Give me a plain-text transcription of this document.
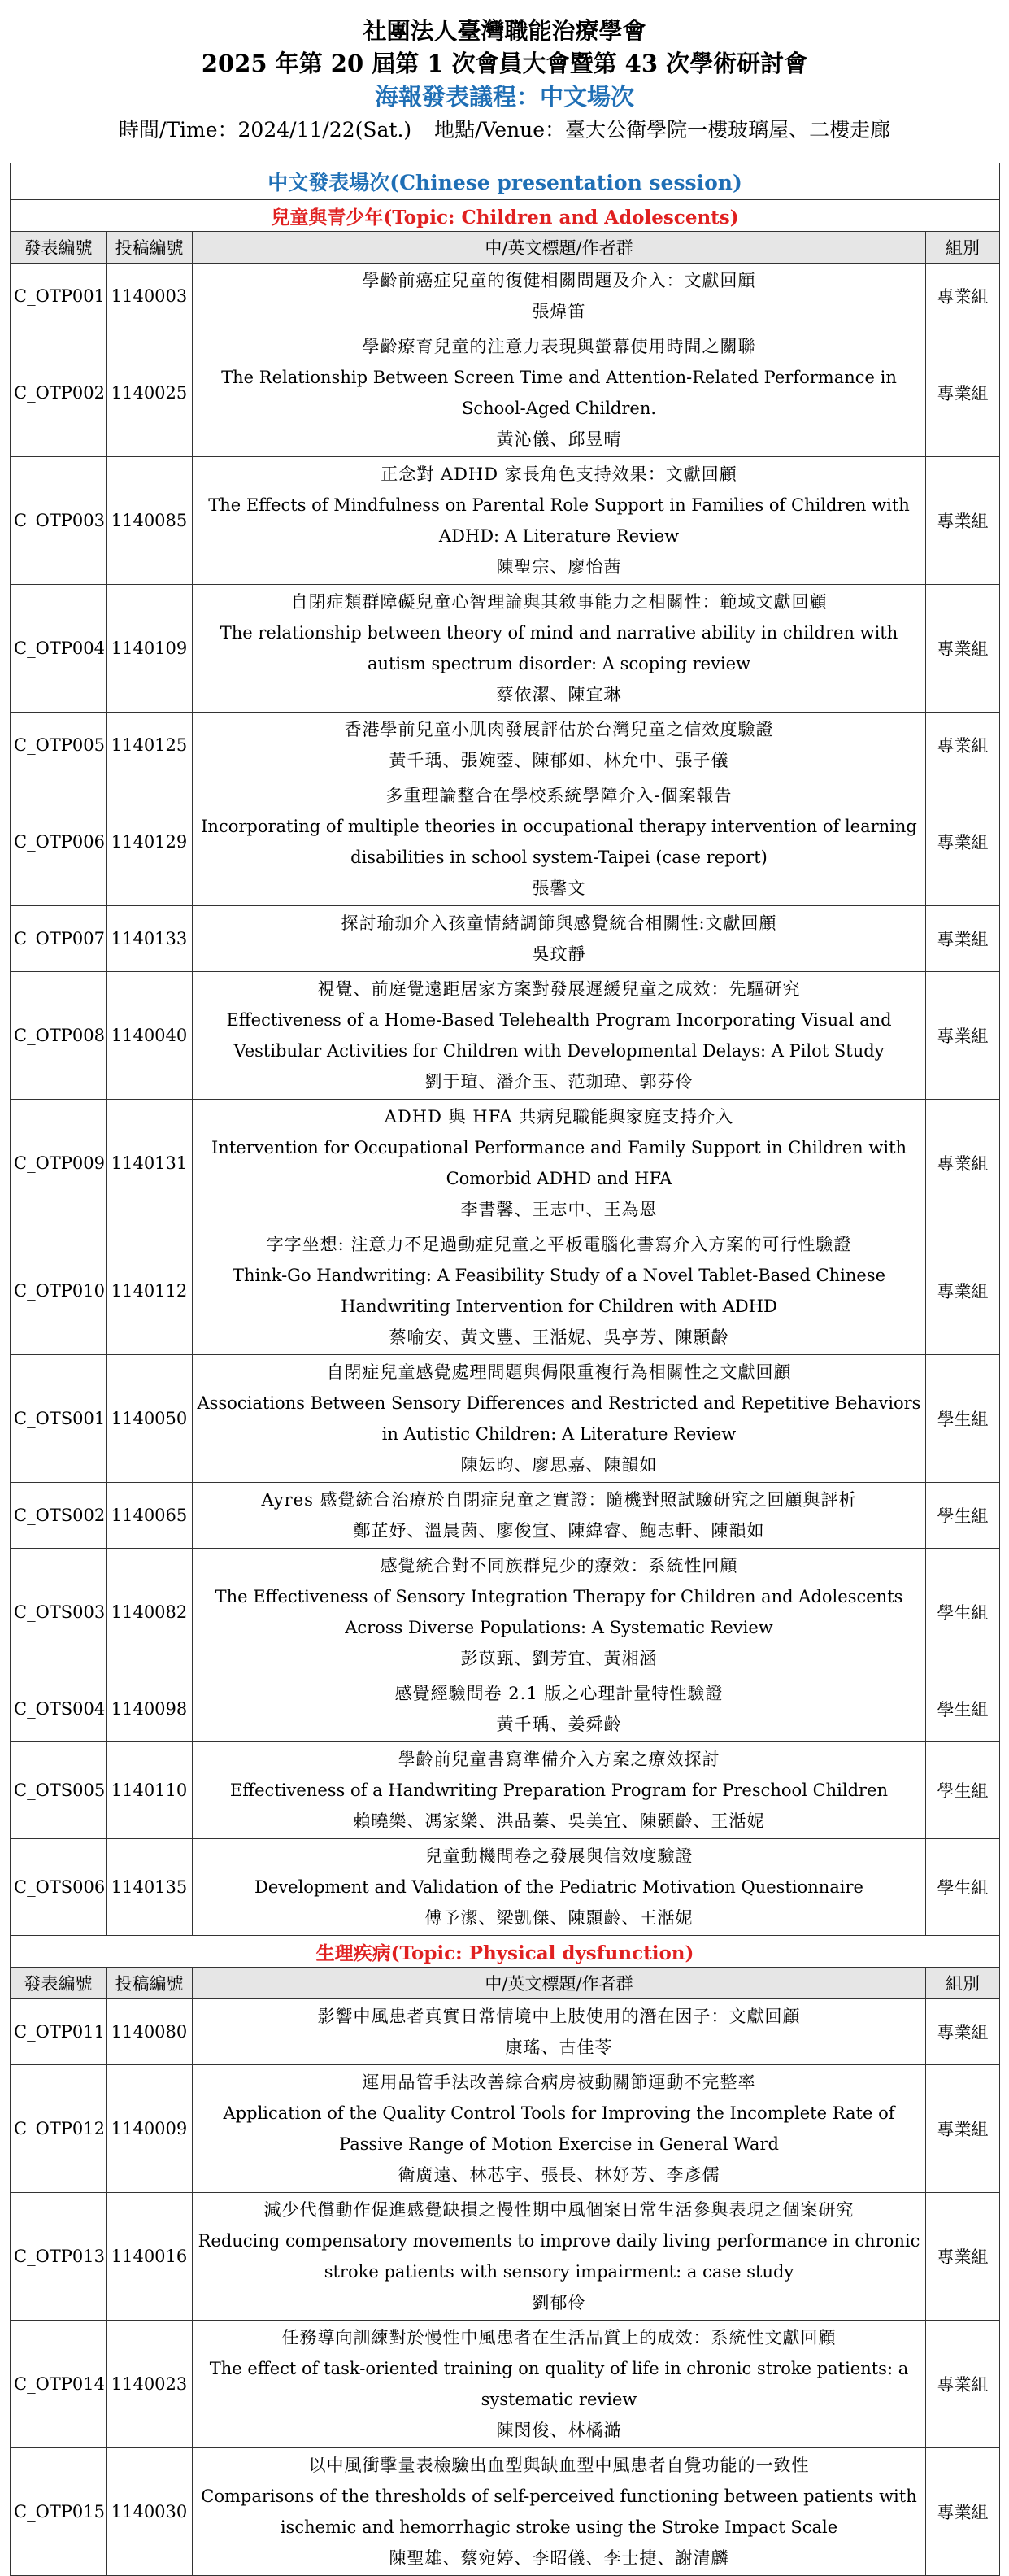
社團法人臺灣職能治療學會
2025 年第 20 屆第 1 次會員大會暨第 43 次學術研討會
海報發表議程：中文場次
時間/Time：2024/11/22(Sat.) 地點/Venue：臺大公衛學院一樓玻璃屋、二樓走廊
中文發表場次(Chinese presentation session)			
兒童與青少年(Topic: Children and Adolescents)			
發表編號	投稿編號	中/英文標題/作者群	組別
C_OTP001	1140003	學齡前癌症兒童的復健相關問題及介入：文獻回顧
張煒笛	專業組
C_OTP002	1140025	學齡療育兒童的注意力表現與螢幕使用時間之關聯
The Relationship Between Screen Time and Attention-Related Performance in School-Aged Children.
黃沁儀、邱昱晴	專業組
C_OTP003	1140085	正念對 ADHD 家長角色支持效果：文獻回顧
The Effects of Mindfulness on Parental Role Support in Families of Children with ADHD: A Literature Review
陳聖宗、廖怡茜	專業組
C_OTP004	1140109	自閉症類群障礙兒童心智理論與其敘事能力之相關性：範域文獻回顧
The relationship between theory of mind and narrative ability in children with autism spectrum disorder: A scoping review
蔡依潔、陳宜琳	專業組
C_OTP005	1140125	香港學前兒童小肌肉發展評估於台灣兒童之信效度驗證
黃千瑀、張婉蓥、陳郁如、林允中、張子儀	專業組
C_OTP006	1140129	多重理論整合在學校系統學障介入-個案報告
Incorporating of multiple theories in occupational therapy intervention of learning disabilities in school system-Taipei (case report)
張馨文	專業組
C_OTP007	1140133	探討瑜珈介入孩童情緒調節與感覺統合相關性:文獻回顧
吳玟靜	專業組
C_OTP008	1140040	視覺、前庭覺遠距居家方案對發展遲緩兒童之成效：先驅研究
Effectiveness of a Home-Based Telehealth Program Incorporating Visual and Vestibular Activities for Children with Developmental Delays: A Pilot Study
劉于瑄、潘介玉、范珈瑋、郭芬伶	專業組
C_OTP009	1140131	ADHD 與 HFA 共病兒職能與家庭支持介入
Intervention for Occupational Performance and Family Support in Children with Comorbid ADHD and HFA
李書馨、王志中、王為恩	專業組
C_OTP010	1140112	字字坐想: 注意力不足過動症兒童之平板電腦化書寫介入方案的可行性驗證
Think-Go Handwriting: A Feasibility Study of a Novel Tablet-Based Chinese Handwriting Intervention for Children with ADHD
蔡喻安、黃文豐、王湉妮、吳亭芳、陳顥齡	專業組
C_OTS001	1140050	自閉症兒童感覺處理問題與侷限重複行為相關性之文獻回顧
Associations Between Sensory Differences and Restricted and Repetitive Behaviors in Autistic Children: A Literature Review
陳妘昀、廖思嘉、陳韻如	學生組
C_OTS002	1140065	Ayres 感覺統合治療於自閉症兒童之實證：隨機對照試驗研究之回顧與評析
鄭芷妤、溫晨茵、廖俊宣、陳緯睿、鮑志軒、陳韻如	學生組
C_OTS003	1140082	感覺統合對不同族群兒少的療效：系統性回顧
The Effectiveness of Sensory Integration Therapy for Children and Adolescents Across Diverse Populations: A Systematic Review
彭苡甄、劉芳宜、黃湘涵	學生組
C_OTS004	1140098	感覺經驗問卷 2.1 版之心理計量特性驗證
黃千瑀、姜舜齡	學生組
C_OTS005	1140110	學齡前兒童書寫準備介入方案之療效探討
Effectiveness of a Handwriting Preparation Program for Preschool Children
賴曉樂、馮家樂、洪品蓁、吳美宜、陳顥齡、王湉妮	學生組
C_OTS006	1140135	兒童動機問卷之發展與信效度驗證
Development and Validation of the Pediatric Motivation Questionnaire
傅予潔、梁凱傑、陳顥齡、王湉妮	學生組
生理疾病(Topic: Physical dysfunction)			
發表編號	投稿編號	中/英文標題/作者群	組別
C_OTP011	1140080	影響中風患者真實日常情境中上肢使用的潛在因子：文獻回顧
康瑤、古佳苓	專業組
C_OTP012	1140009	運用品管手法改善綜合病房被動關節運動不完整率
Application of the Quality Control Tools for Improving the Incomplete Rate of Passive Range of Motion Exercise in General Ward
衛廣遠、林芯宇、張長、林妤芳、李彥儒	專業組
C_OTP013	1140016	減少代償動作促進感覺缺損之慢性期中風個案日常生活參與表現之個案研究
Reducing compensatory movements to improve daily living performance in chronic stroke patients with sensory impairment: a case study
劉郁伶	專業組
C_OTP014	1140023	任務導向訓練對於慢性中風患者在生活品質上的成效：系統性文獻回顧
The effect of task-oriented training on quality of life in chronic stroke patients: a systematic review
陳閔俊、林橘澔	專業組
C_OTP015	1140030	以中風衝擊量表檢驗出血型與缺血型中風患者自覺功能的一致性
Comparisons of the thresholds of self-perceived functioning between patients with ischemic and hemorrhagic stroke using the Stroke Impact Scale
陳聖雄、蔡宛婷、李昭儀、李士捷、謝清麟	專業組
